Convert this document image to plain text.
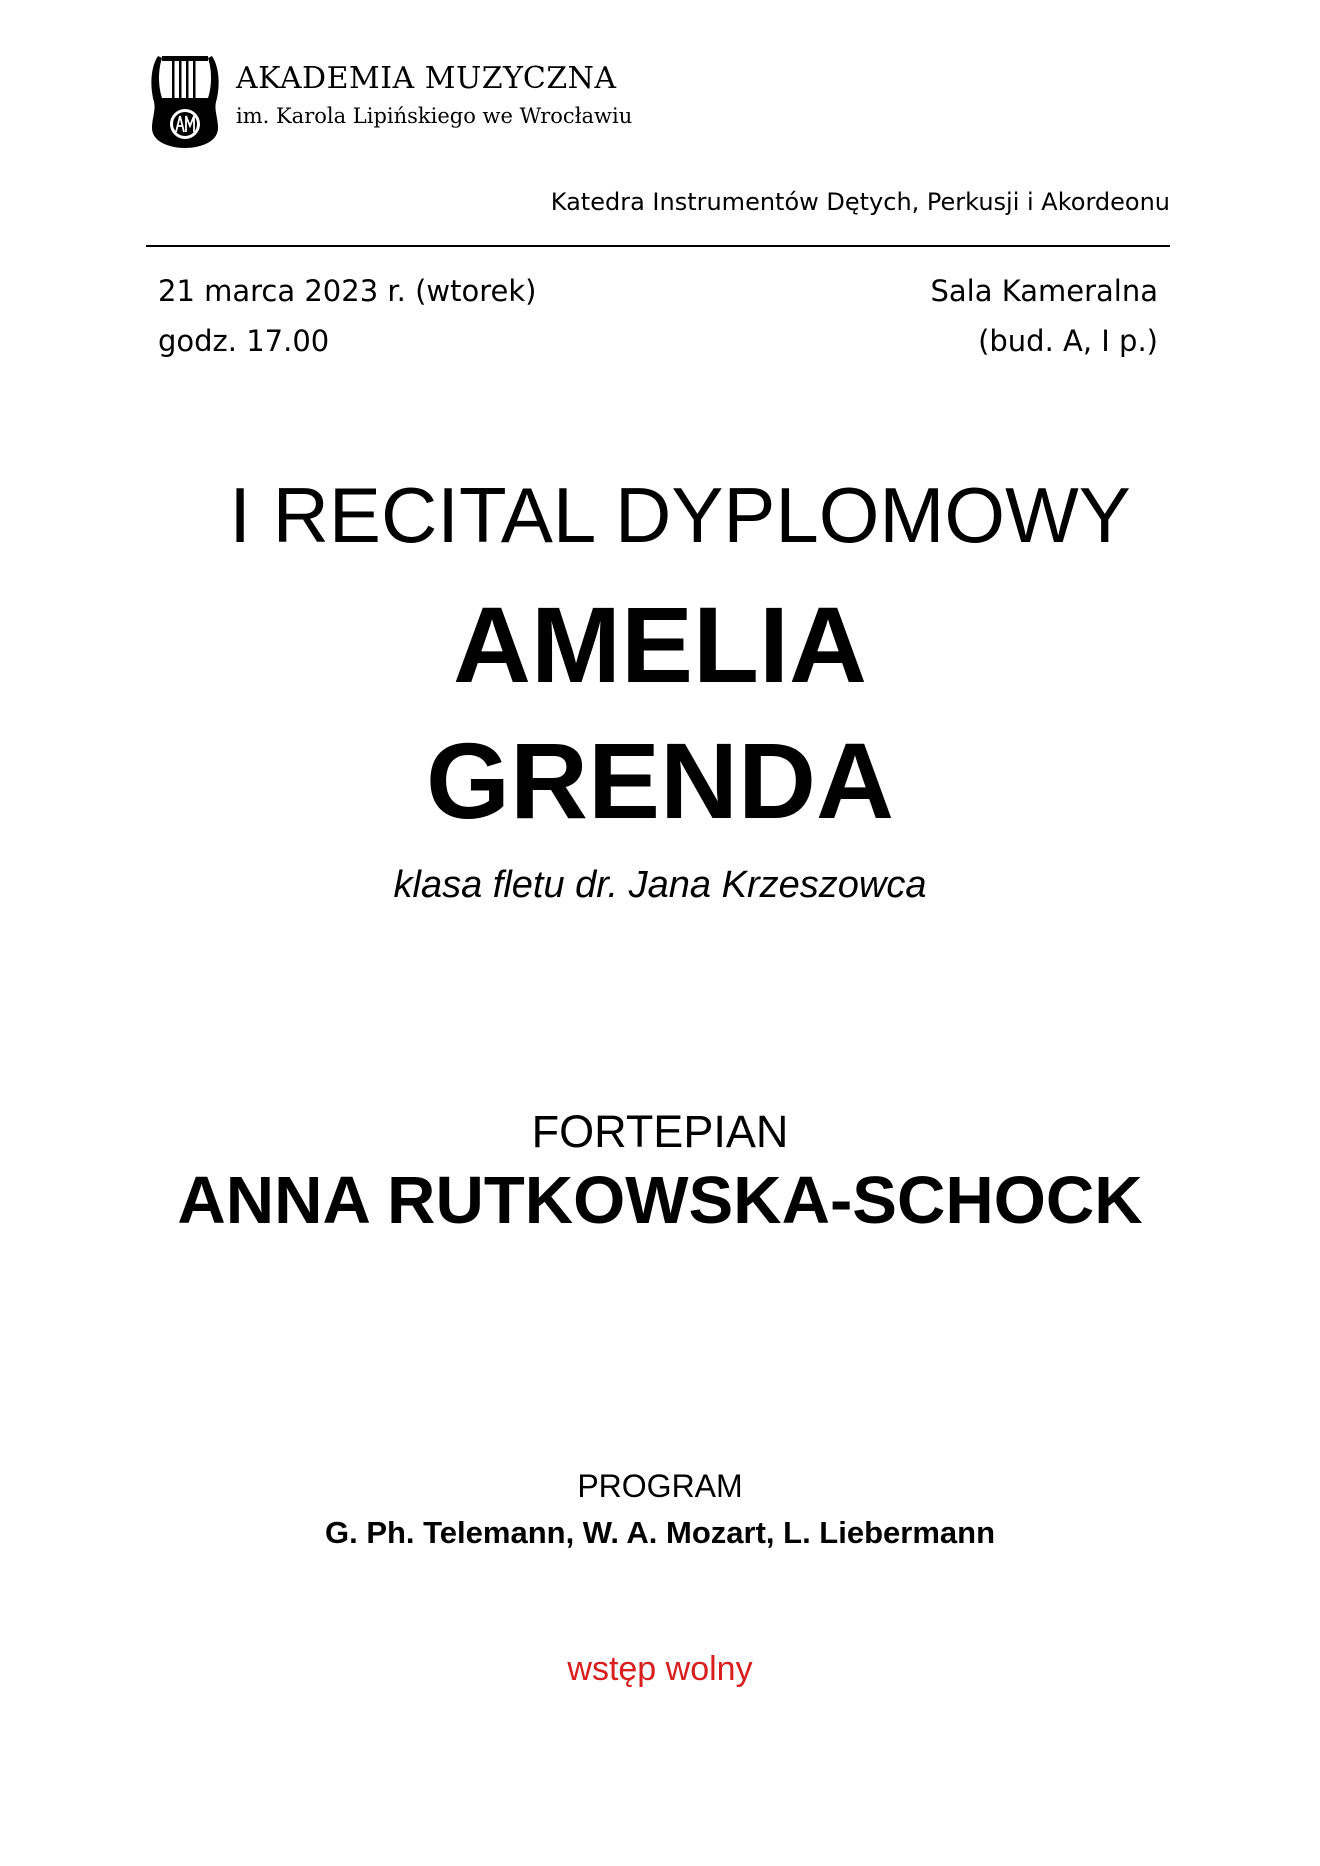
AKADEMIA MUZYCZNA
im. Karola Lipińskiego we Wrocławiu
Katedra Instrumentów Dętych, Perkusji i Akordeonu
21 marca 2023 r. (wtorek)
godz. 17.00
Sala Kameralna
(bud. A, I p.)
I RECITAL DYPLOMOWY
AMELIA
GRENDA
klasa fletu dr. Jana Krzeszowca
FORTEPIAN
ANNA RUTKOWSKA-SCHOCK
PROGRAM
G. Ph. Telemann, W. A. Mozart, L. Liebermann
wstęp wolny
